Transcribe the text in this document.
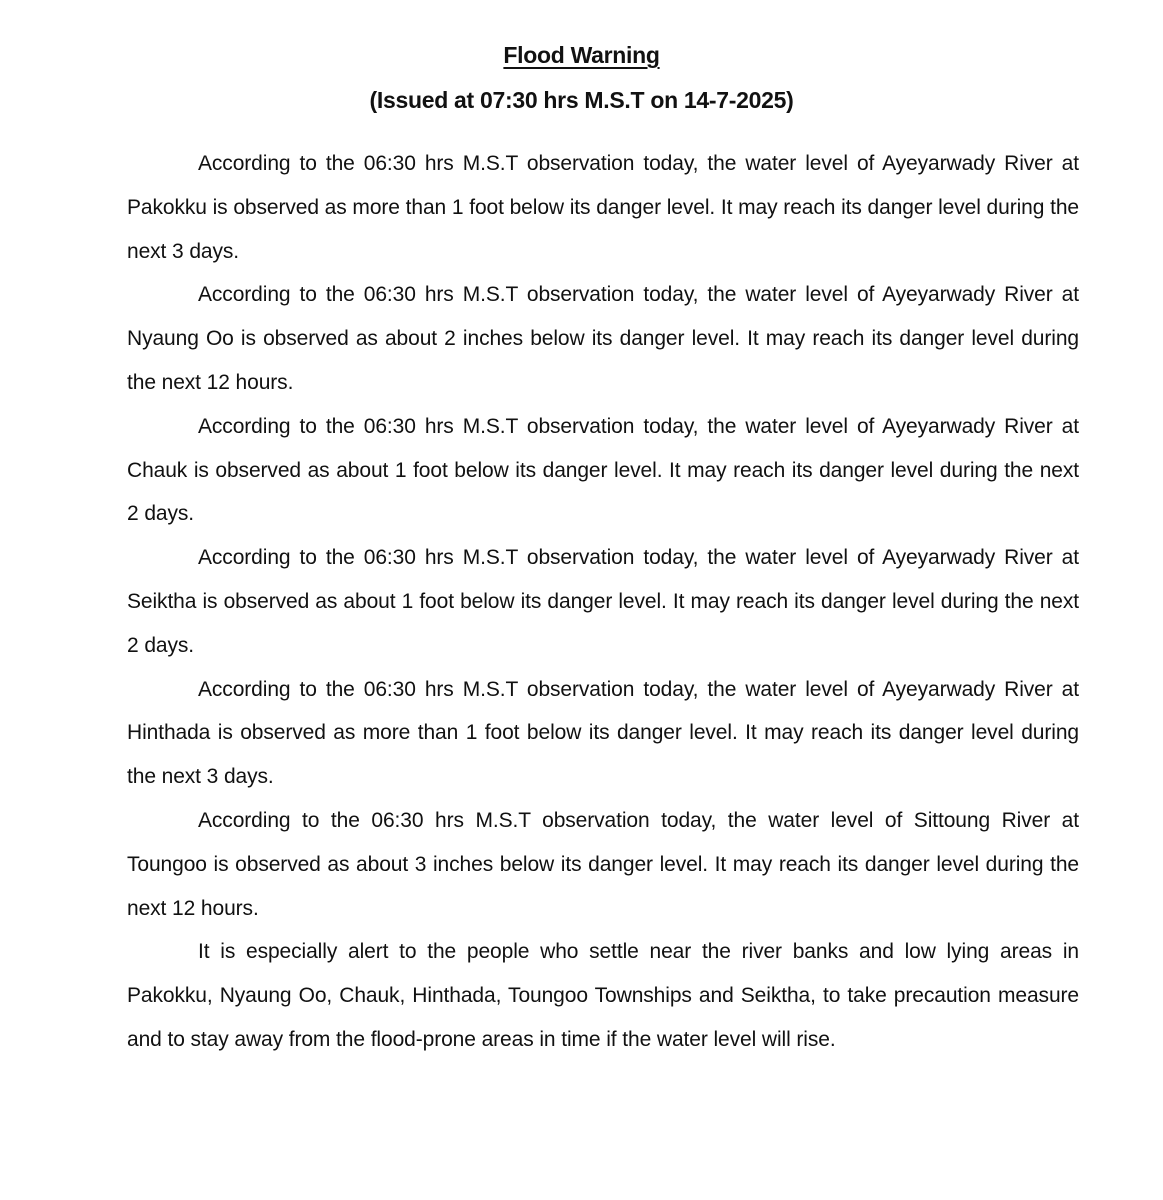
Flood Warning
(Issued at 07:30 hrs M.S.T on 14-7-2025)

According to the 06:30 hrs M.S.T observation today, the water level of Ayeyarwady River at Pakokku is observed as more than 1 foot below its danger level. It may reach its danger level during the next 3 days.

According to the 06:30 hrs M.S.T observation today, the water level of Ayeyarwady River at Nyaung Oo is observed as about 2 inches below its danger level. It may reach its danger level during the next 12 hours.

According to the 06:30 hrs M.S.T observation today, the water level of Ayeyarwady River at Chauk is observed as about 1 foot below its danger level. It may reach its danger level during the next 2 days.

According to the 06:30 hrs M.S.T observation today, the water level of Ayeyarwady River at Seiktha is observed as about 1 foot below its danger level. It may reach its danger level during the next 2 days.

According to the 06:30 hrs M.S.T observation today, the water level of Ayeyarwady River at Hinthada is observed as more than 1 foot below its danger level. It may reach its danger level during the next 3 days.

According to the 06:30 hrs M.S.T observation today, the water level of Sittoung River at Toungoo is observed as about 3 inches below its danger level. It may reach its danger level during the next 12 hours.

It is especially alert to the people who settle near the river banks and low lying areas in Pakokku, Nyaung Oo, Chauk, Hinthada, Toungoo Townships and Seiktha, to take precaution measure and to stay away from the flood-prone areas in time if the water level will rise.
